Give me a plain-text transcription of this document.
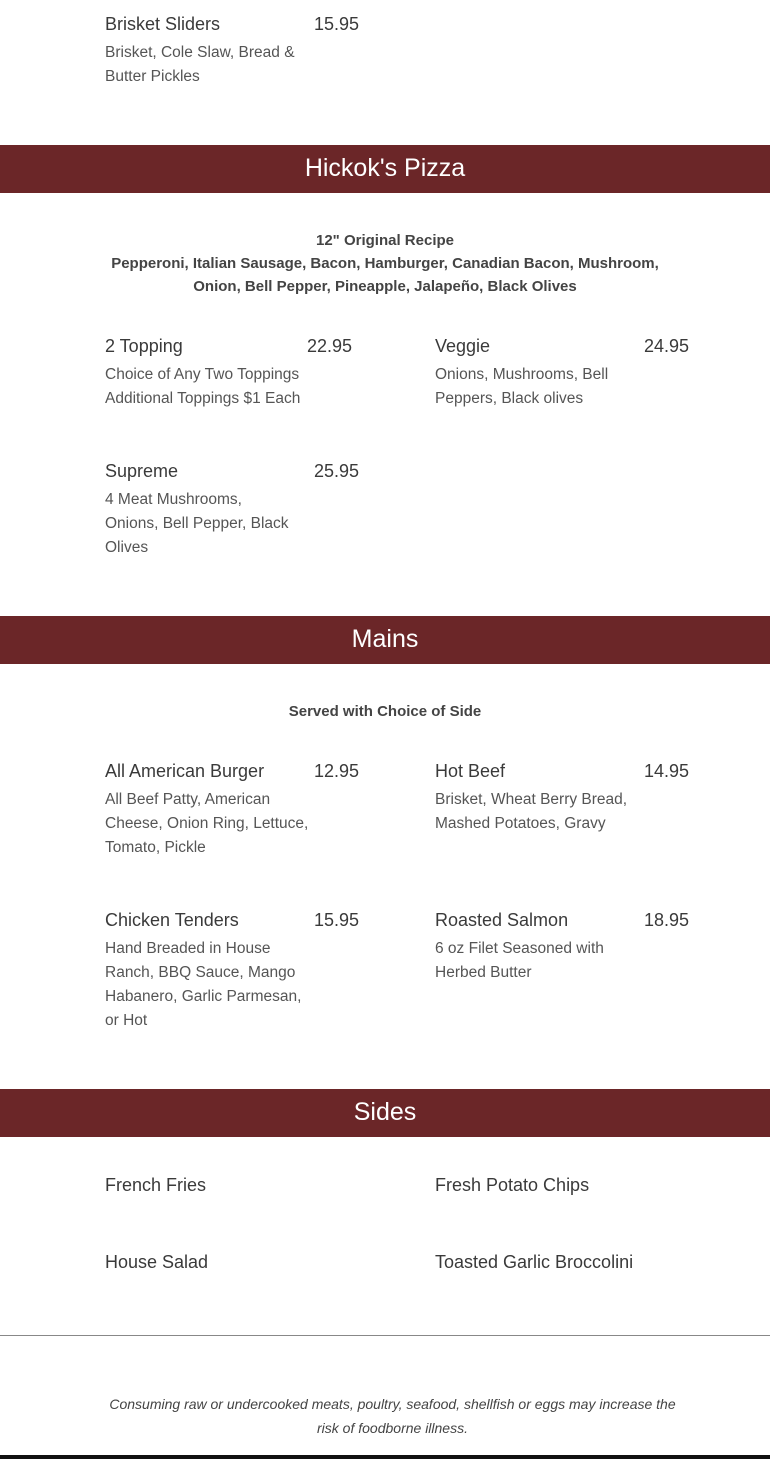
Brisket Sliders	15.95
Brisket, Cole Slaw, Bread & Butter Pickles
Hickok's Pizza
12" Original Recipe
Pepperoni, Italian Sausage, Bacon, Hamburger, Canadian Bacon, Mushroom,
Onion, Bell Pepper, Pineapple, Jalapeño, Black Olives
2 Topping	22.95
Choice of Any Two Toppings Additional Toppings $1 Each
Veggie	24.95
Onions, Mushrooms, Bell Peppers, Black olives
Supreme	25.95
4 Meat Mushrooms, Onions, Bell Pepper, Black Olives
Mains
Served with Choice of Side
All American Burger	12.95
All Beef Patty, American Cheese, Onion Ring, Lettuce, Tomato, Pickle
Hot Beef	14.95
Brisket, Wheat Berry Bread, Mashed Potatoes, Gravy
Chicken Tenders	15.95
Hand Breaded in House Ranch, BBQ Sauce, Mango Habanero, Garlic Parmesan, or Hot
Roasted Salmon	18.95
6 oz Filet Seasoned with Herbed Butter
Sides
French Fries	Fresh Potato Chips
House Salad	Toasted Garlic Broccolini
Consuming raw or undercooked meats, poultry, seafood, shellfish or eggs may increase the risk of foodborne illness.
